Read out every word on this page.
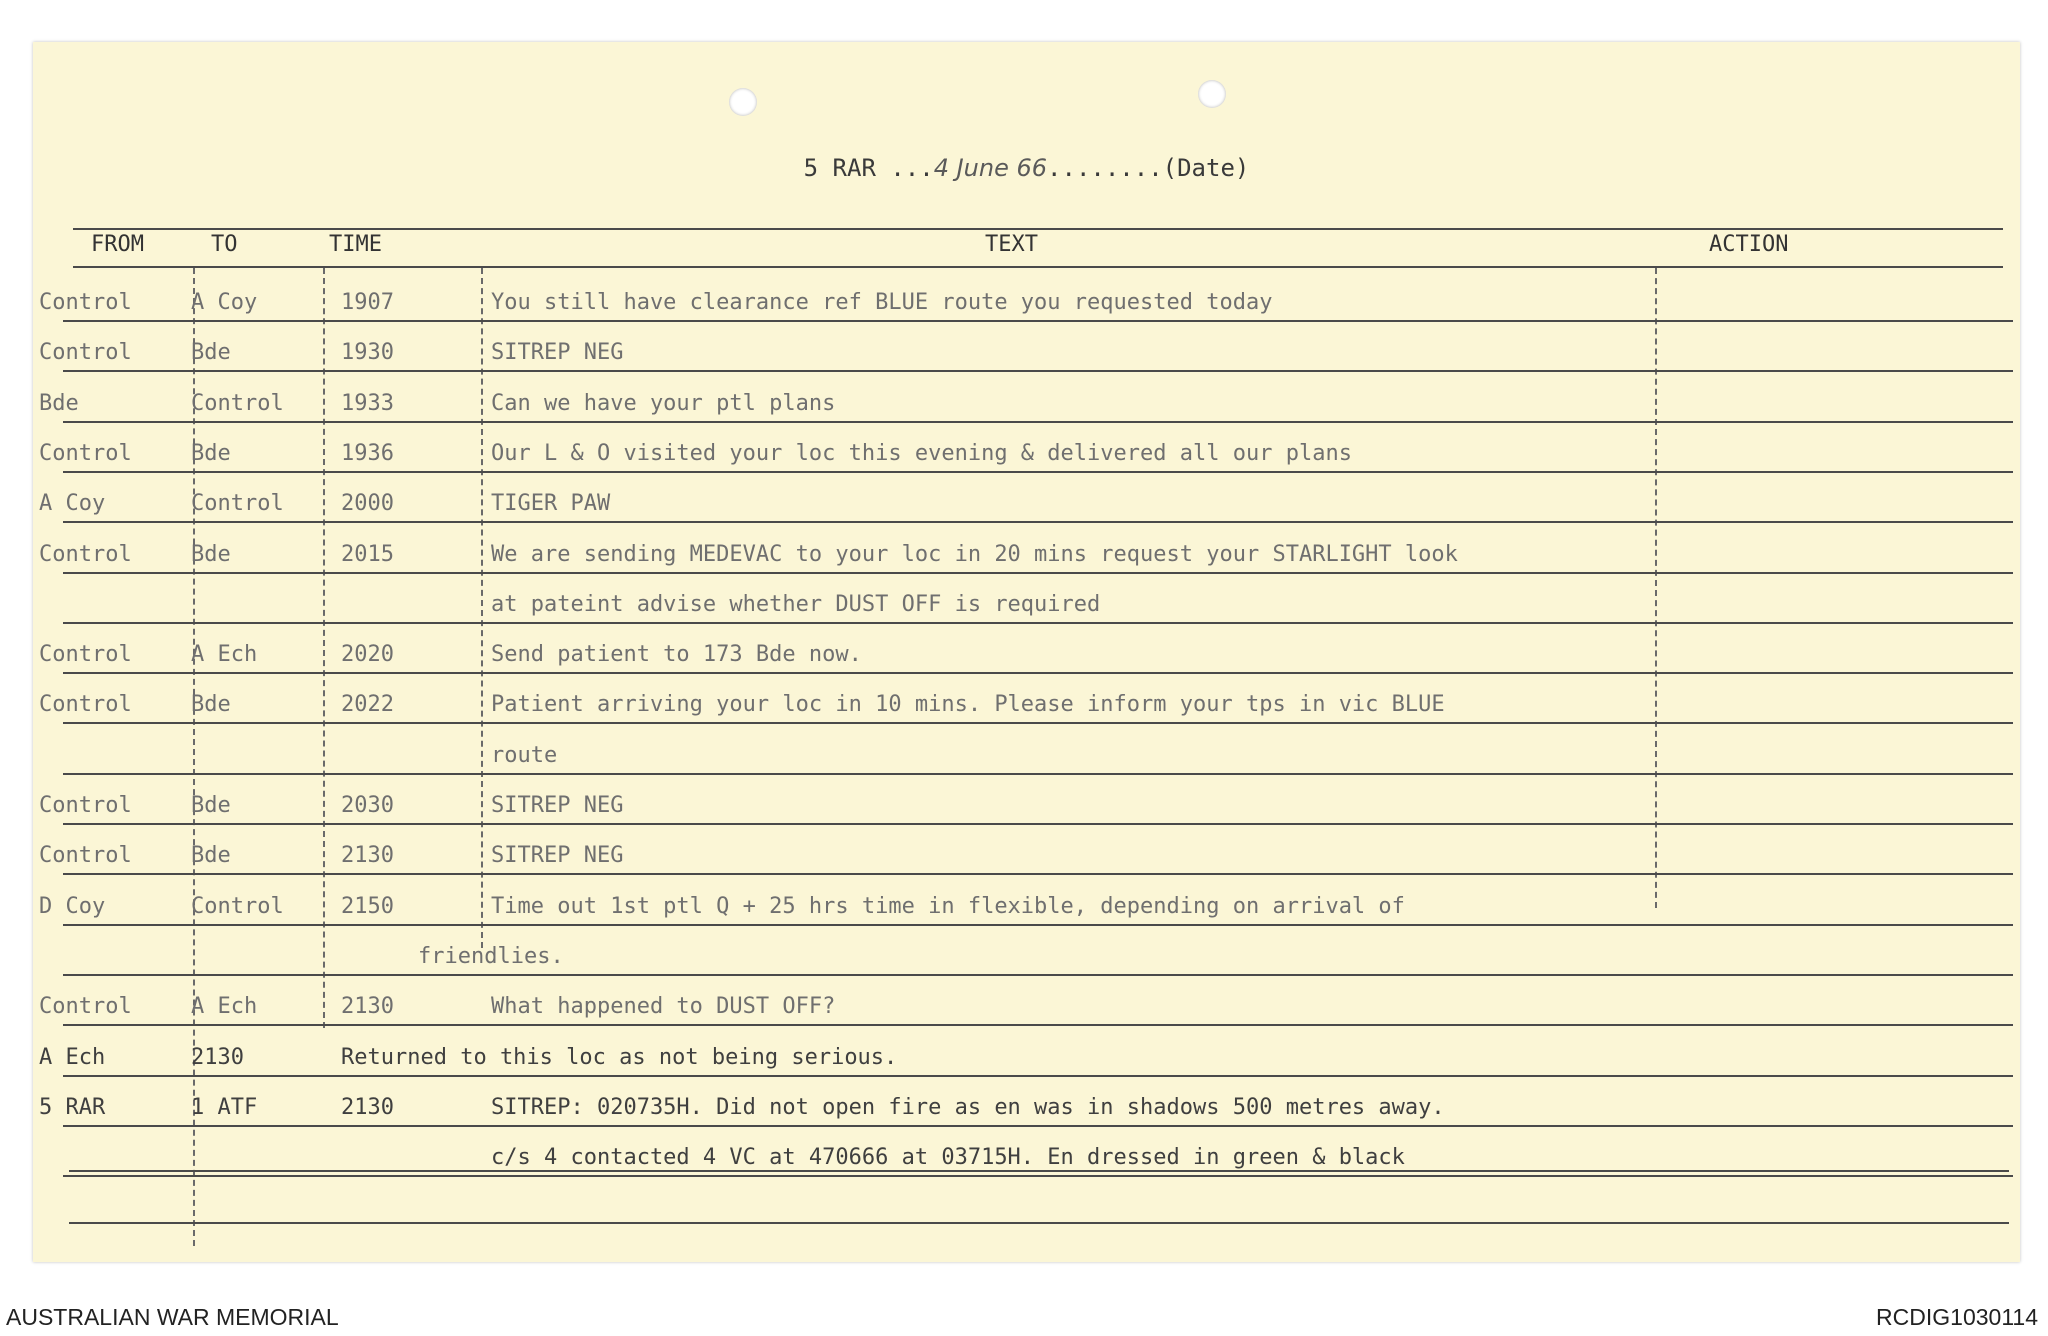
5 RAR ...4 June 66........(Date)
FROM	TO	TIME	TEXT	ACTION
Control	A Coy	1907	You still have clearance ref BLUE route you requested today
Control	Bde	1930	SITREP NEG
Bde	Control	1933	Can we have your ptl plans
Control	Bde	1936	Our L & O visited your loc this evening & delivered all our plans
A Coy	Control	2000	TIGER PAW
Control	Bde	2015	We are sending MEDEVAC to your loc in 20 mins request your STARLIGHT look
at pateint advise whether DUST OFF is required
Control	A Ech	2020	Send patient to 173 Bde now.
Control	Bde	2022	Patient arriving your loc in 10 mins. Please inform your tps in vic BLUE
route
Control	Bde	2030	SITREP NEG
Control	Bde	2130	SITREP NEG
D Coy	Control	2150	Time out 1st ptl Q + 25 hrs time in flexible, depending on arrival of
friendlies.
Control	A Ech	2130	What happened to DUST OFF?
A Ech	2130	Returned to this loc as not being serious.
5 RAR	1 ATF	2130	SITREP: 020735H. Did not open fire as en was in shadows 500 metres away.
c/s 4 contacted 4 VC at 470666 at 03715H. En dressed in green & black
AUSTRALIAN WAR MEMORIAL	RCDIG1030114
